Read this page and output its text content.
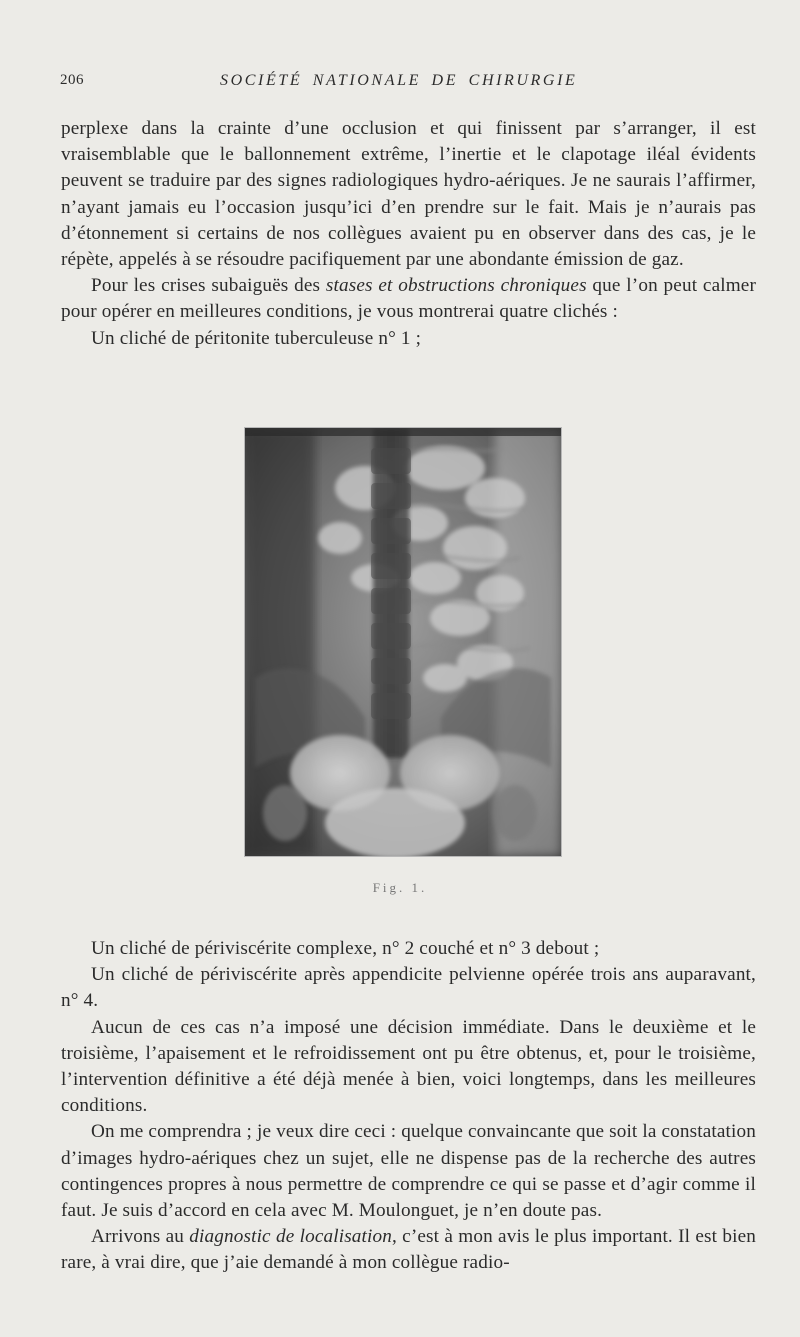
206	SOCIÉTÉ NATIONALE DE CHIRURGIE

perplexe dans la crainte d’une occlusion et qui finissent par s’arranger, il est vraisemblable que le ballonnement extrême, l’inertie et le clapotage iléal évidents peuvent se traduire par des signes radiologiques hydro-aériques. Je ne saurais l’affirmer, n’ayant jamais eu l’occasion jusqu’ici d’en prendre sur le fait. Mais je n’aurais pas d’étonnement si certains de nos collègues avaient pu en observer dans des cas, je le répète, appelés à se résoudre pacifiquement par une abondante émission de gaz.

Pour les crises subaiguës des stases et obstructions chroniques que l’on peut calmer pour opérer en meilleures conditions, je vous montrerai quatre clichés :

Un cliché de péritonite tuberculeuse n° 1 ;

Fig. 1.

Un cliché de périviscérite complexe, n° 2 couché et n° 3 debout ;

Un cliché de périviscérite après appendicite pelvienne opérée trois ans auparavant, n° 4.

Aucun de ces cas n’a imposé une décision immédiate. Dans le deuxième et le troisième, l’apaisement et le refroidissement ont pu être obtenus, et, pour le troisième, l’intervention définitive a été déjà menée à bien, voici longtemps, dans les meilleures conditions.

On me comprendra ; je veux dire ceci : quelque convaincante que soit la constatation d’images hydro-aériques chez un sujet, elle ne dispense pas de la recherche des autres contingences propres à nous permettre de comprendre ce qui se passe et d’agir comme il faut. Je suis d’accord en cela avec M. Moulonguet, je n’en doute pas.

Arrivons au diagnostic de localisation, c’est à mon avis le plus important. Il est bien rare, à vrai dire, que j’aie demandé à mon collègue radio-
